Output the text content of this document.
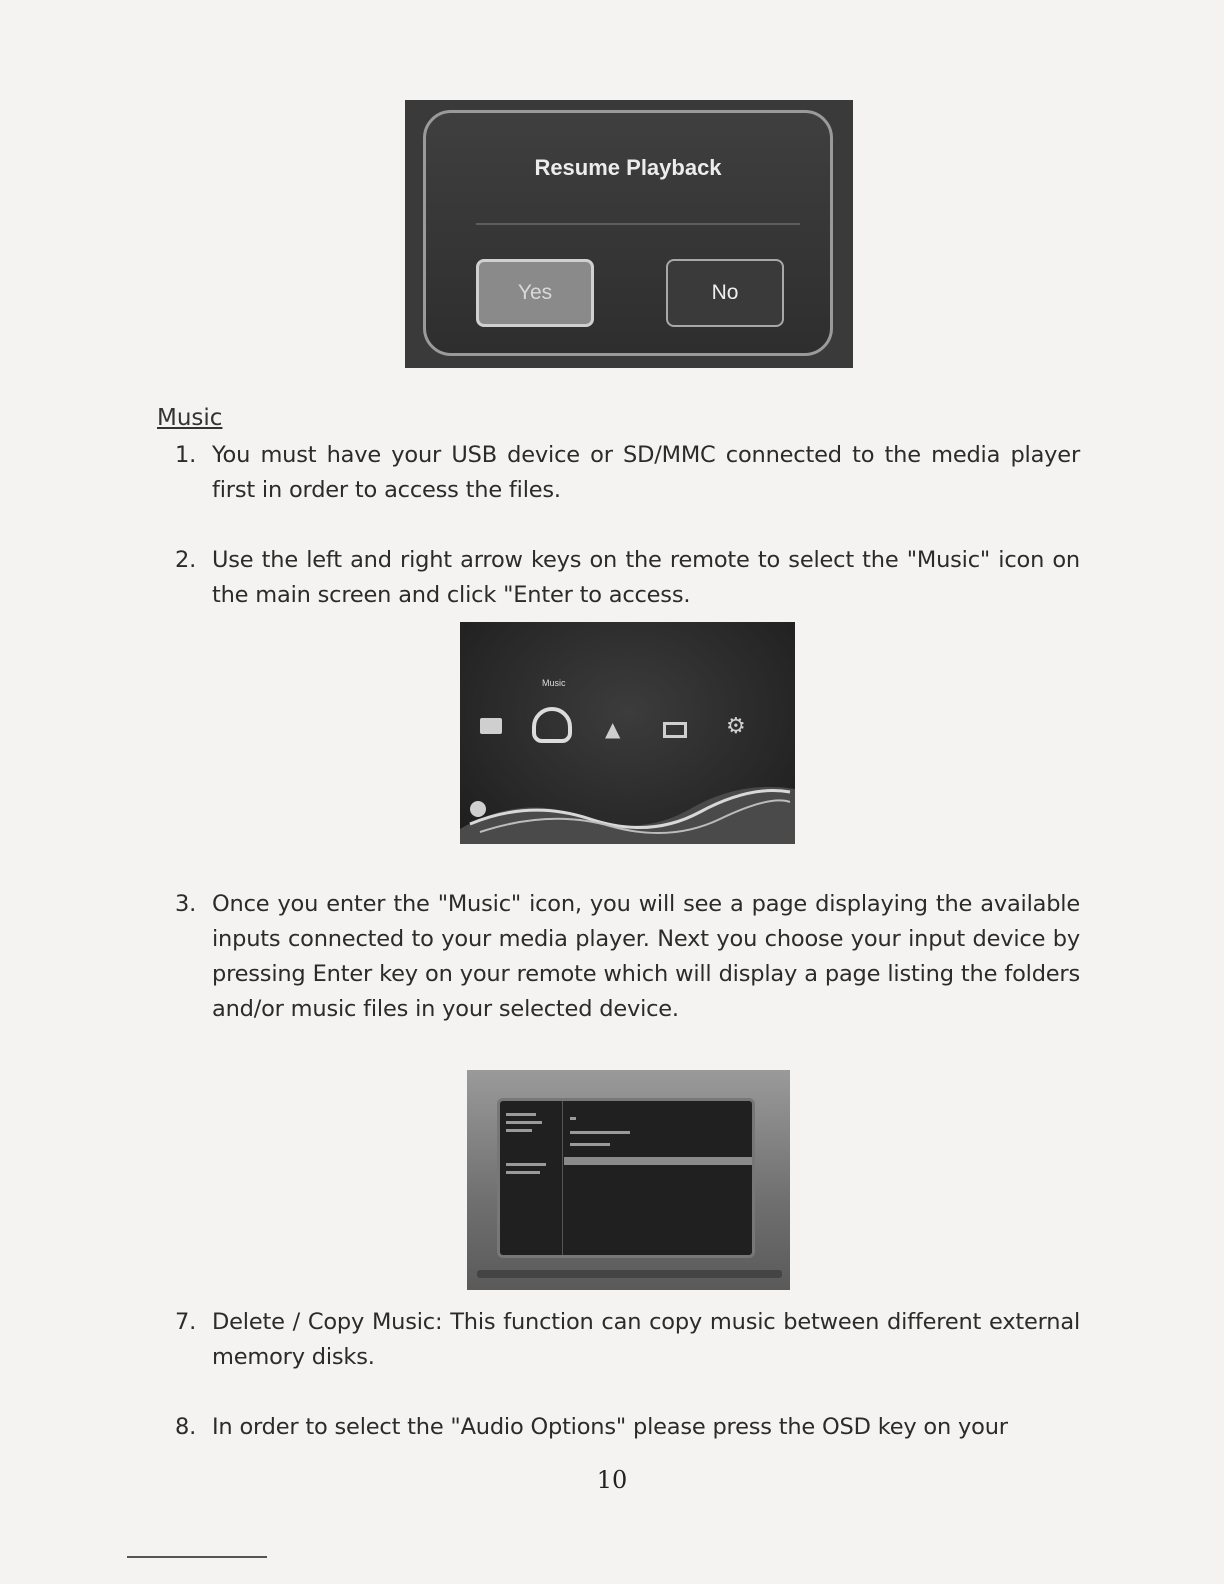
Resume Playback
Yes	No
Music
1. You must have your USB device or SD/MMC connected to the media player first in order to access the files.
2. Use the left and right arrow keys on the remote to select the "Music" icon on the main screen and click "Enter to access.
Music
▲	⚙
3. Once you enter the "Music" icon, you will see a page displaying the available inputs connected to your media player. Next you choose your input device by pressing Enter key on your remote which will display a page listing the folders and/or music files in your selected device.
7. Delete / Copy Music: This function can copy music between different external memory disks.
8. In order to select the "Audio Options" please press the OSD key on your
10
